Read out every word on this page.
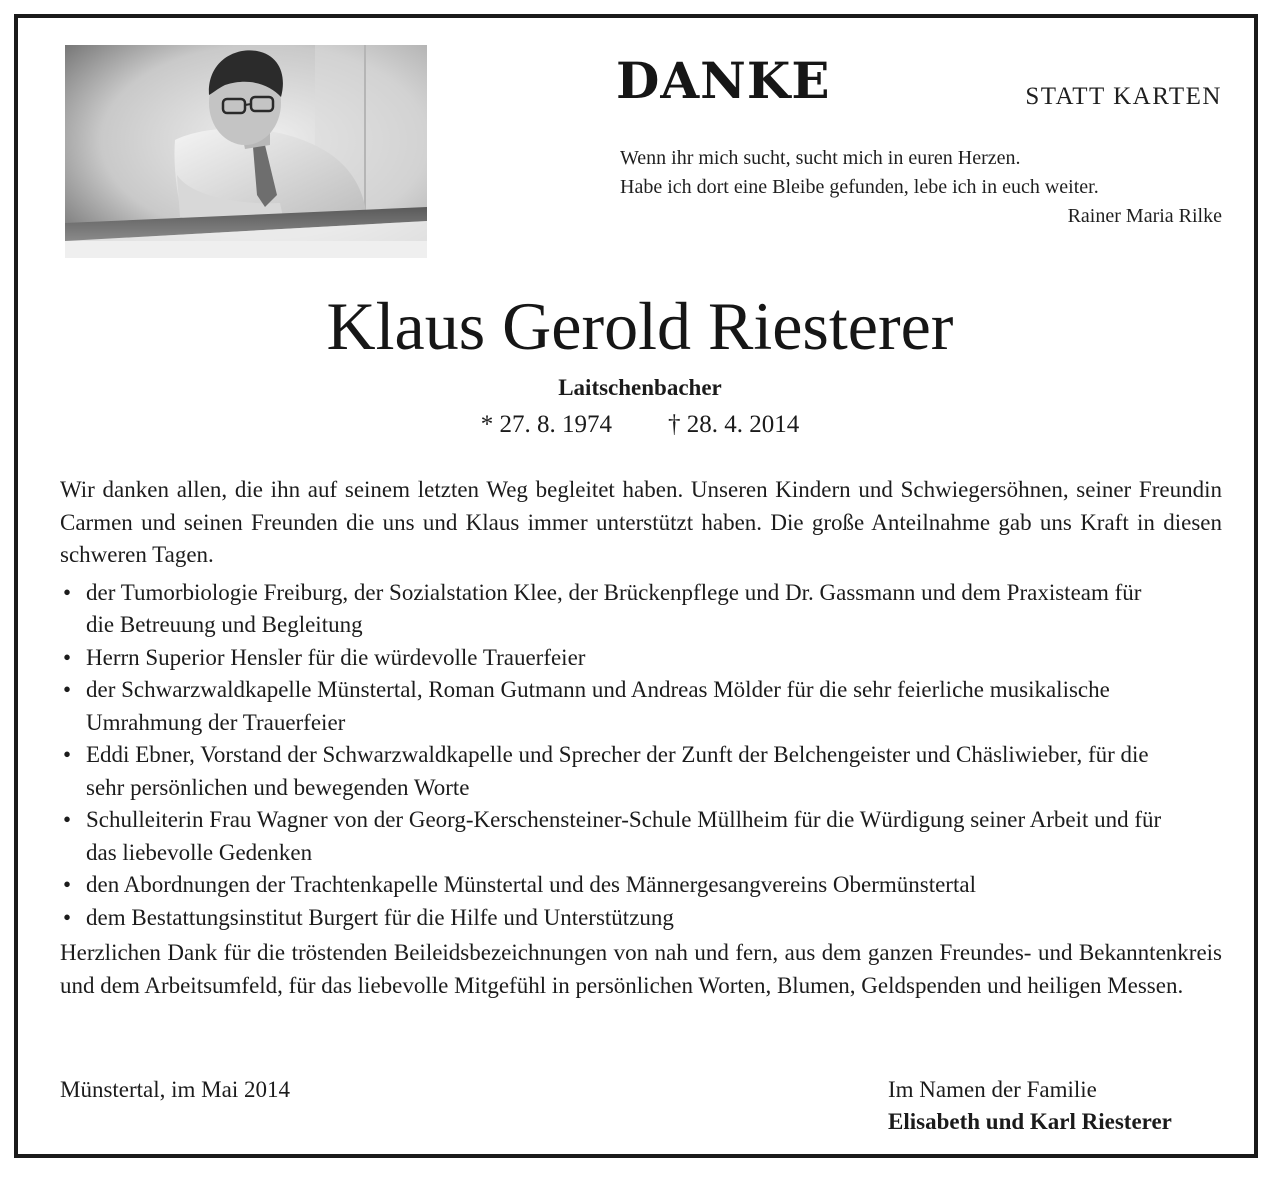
DANKE	STATT KARTEN
Wenn ihr mich sucht, sucht mich in euren Herzen.
Habe ich dort eine Bleibe gefunden, lebe ich in euch weiter.
Rainer Maria Rilke
Klaus Gerold Riesterer
Laitschenbacher
* 27. 8. 1974 † 28. 4. 2014

Wir danken allen, die ihn auf seinem letzten Weg begleitet haben. Unseren Kindern und Schwiegersöhnen, seiner Freundin Carmen und seinen Freunden die uns und Klaus immer unterstützt haben. Die große Anteilnahme gab uns Kraft in diesen schweren Tagen.

• der Tumorbiologie Freiburg, der Sozialstation Klee, der Brückenpflege und Dr. Gassmann und dem Praxisteam für die Betreuung und Begleitung
• Herrn Superior Hensler für die würdevolle Trauerfeier
• der Schwarzwaldkapelle Münstertal, Roman Gutmann und Andreas Mölder für die sehr feierliche musikalische Umrahmung der Trauerfeier
• Eddi Ebner, Vorstand der Schwarzwaldkapelle und Sprecher der Zunft der Belchengeister und Chäsliwieber, für die sehr persönlichen und bewegenden Worte
• Schulleiterin Frau Wagner von der Georg-Kerschensteiner-Schule Müllheim für die Würdigung seiner Arbeit und für das liebevolle Gedenken
• den Abordnungen der Trachtenkapelle Münstertal und des Männergesangvereins Obermünstertal
• dem Bestattungsinstitut Burgert für die Hilfe und Unterstützung

Herzlichen Dank für die tröstenden Beileidsbezeichnungen von nah und fern, aus dem ganzen Freundes- und Bekanntenkreis und dem Arbeitsumfeld, für das liebevolle Mitgefühl in persönlichen Worten, Blumen, Geldspenden und heiligen Messen.

Münstertal, im Mai 2014	Im Namen der Familie
Elisabeth und Karl Riesterer
